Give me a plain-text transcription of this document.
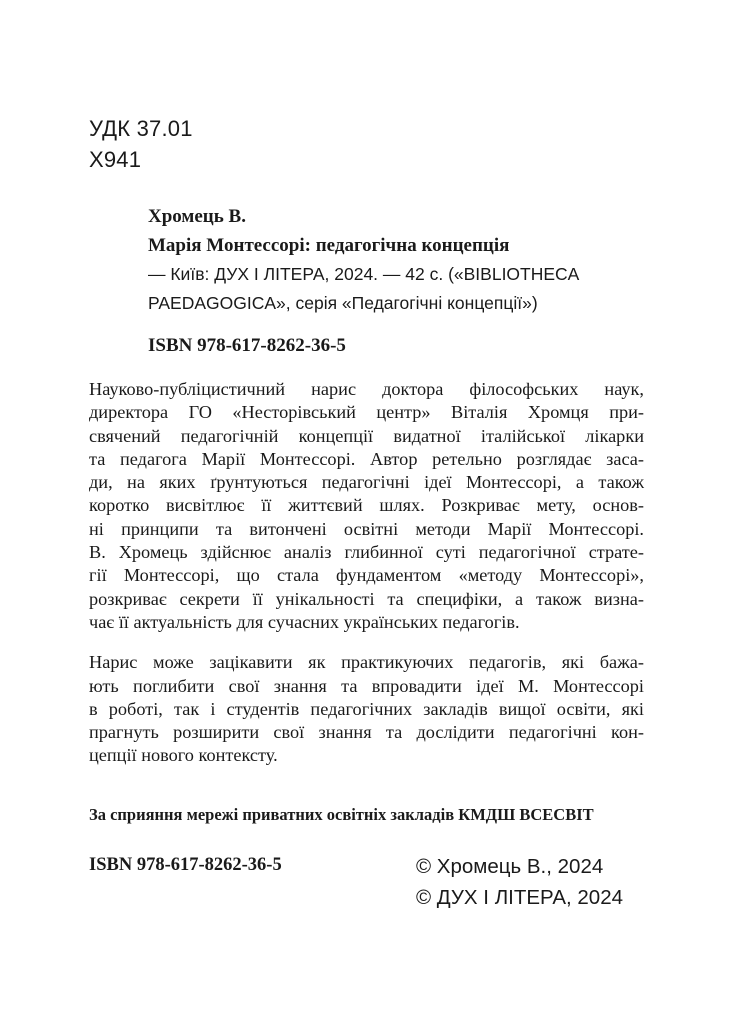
УДК 37.01
Х941
Хромець В.
Марія Монтессорі: педагогічна концепція
— Київ: ДУХ І ЛІТЕРА, 2024. — 42 с. («BIBLIOTHECA
PAEDAGOGICA», серія «Педагогічні концепції»)
ISBN 978-617-8262-36-5

Науково-публіцистичний нарис доктора філософських наук,
директора ГО «Несторівський центр» Віталія Хромця при-
свячений педагогічній концепції видатної італійської лікарки
та педагога Марії Монтессорі. Автор ретельно розглядає заса-
ди, на яких ґрунтуються педагогічні ідеї Монтессорі, а також
коротко висвітлює її життєвий шлях. Розкриває мету, основ-
ні принципи та витончені освітні методи Марії Монтессорі.
В. Хромець здійснює аналіз глибинної суті педагогічної страте-
гії Монтессорі, що стала фундаментом «методу Монтессорі»,
розкриває секрети її унікальності та специфіки, а також визна-
чає її актуальність для сучасних українських педагогів.

Нарис може зацікавити як практикуючих педагогів, які бажа-
ють поглибити свої знання та впровадити ідеї М. Монтессорі
в роботі, так і студентів педагогічних закладів вищої освіти, які
прагнуть розширити свої знання та дослідити педагогічні кон-
цепції нового контексту.

За сприяння мережі приватних освітніх закладів КМДШ ВСЕСВІТ
ISBN 978-617-8262-36-5	© Хромець В., 2024
© ДУХ І ЛІТЕРА, 2024
